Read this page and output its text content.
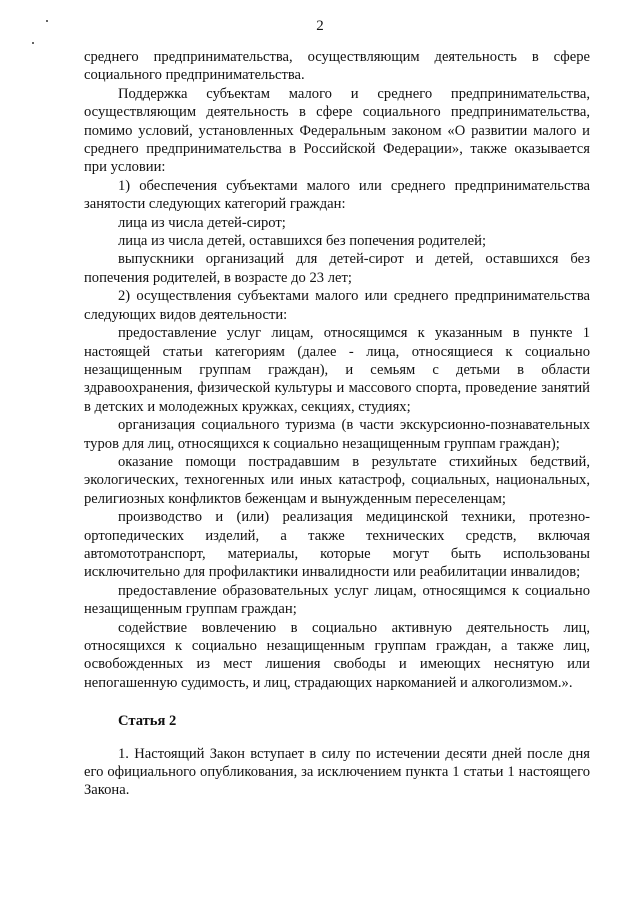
2

среднего предпринимательства, осуществляющим деятельность в сфере социального предпринимательства.

Поддержка субъектам малого и среднего предпринимательства, осуществляющим деятельность в сфере социального предпринимательства, помимо условий, установленных Федеральным законом «О развитии малого и среднего предпринимательства в Российской Федерации», также оказывается при условии:

1) обеспечения субъектами малого или среднего предпринимательства занятости следующих категорий граждан:

лица из числа детей-сирот;

лица из числа детей, оставшихся без попечения родителей;

выпускники организаций для детей-сирот и детей, оставшихся без попечения родителей, в возрасте до 23 лет;

2) осуществления субъектами малого или среднего предпринимательства следующих видов деятельности:

предоставление услуг лицам, относящимся к указанным в пункте 1 настоящей статьи категориям (далее - лица, относящиеся к социально незащищенным группам граждан), и семьям с детьми в области здравоохранения, физической культуры и массового спорта, проведение занятий в детских и молодежных кружках, секциях, студиях;

организация социального туризма (в части экскурсионно-познавательных туров для лиц, относящихся к социально незащищенным группам граждан);

оказание помощи пострадавшим в результате стихийных бедствий, экологических, техногенных или иных катастроф, социальных, национальных, религиозных конфликтов беженцам и вынужденным переселенцам;

производство и (или) реализация медицинской техники, протезно-ортопедических изделий, а также технических средств, включая автомототранспорт, материалы, которые могут быть использованы исключительно для профилактики инвалидности или реабилитации инвалидов;

предоставление образовательных услуг лицам, относящимся к социально незащищенным группам граждан;

содействие вовлечению в социально активную деятельность лиц, относящихся к социально незащищенным группам граждан, а также лиц, освобожденных из мест лишения свободы и имеющих неснятую или непогашенную судимость, и лиц, страдающих наркоманией и алкоголизмом.».

Статья 2

1. Настоящий Закон вступает в силу по истечении десяти дней после дня его официального опубликования, за исключением пункта 1 статьи 1 настоящего Закона.
